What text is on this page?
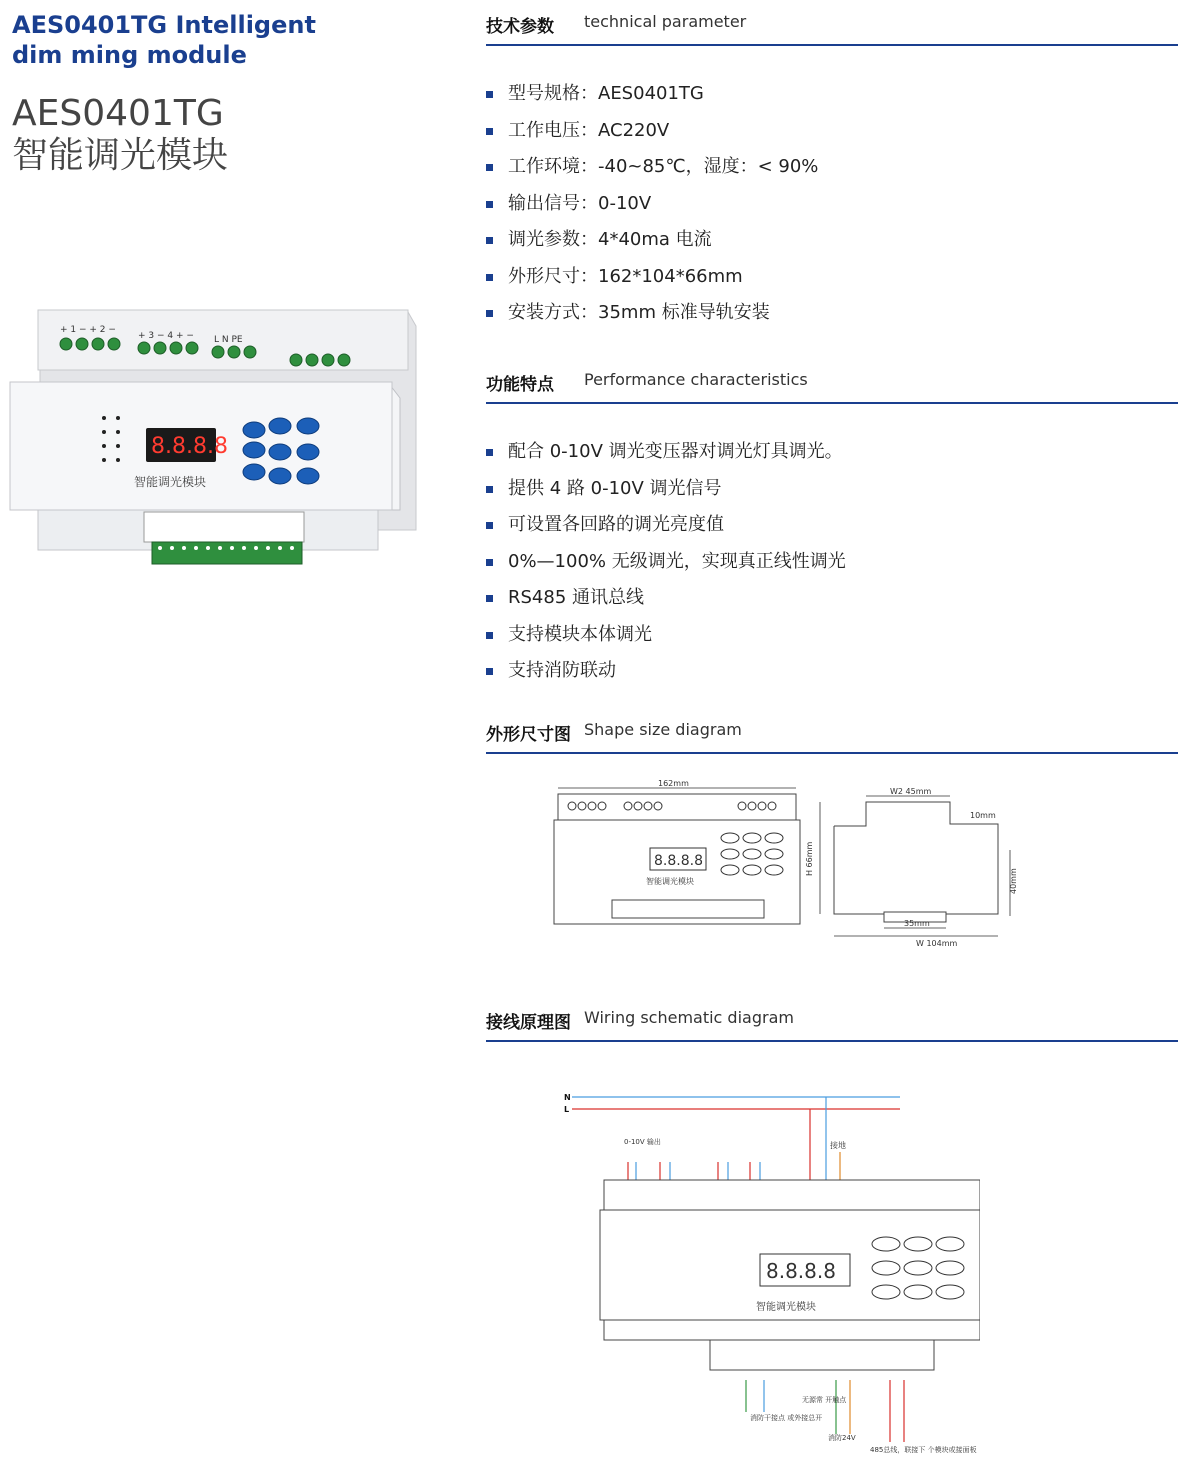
AES0401TG Intelligent dim ming module
AES0401TG
智能调光模块
+ 1 − + 2 −
+ 3 − 4 + − L N PE
8.8.8.8
智能调光模块
技术参数 technical parameter
型号规格：AES0401TG
工作电压：AC220V
工作环境：-40~85℃，湿度：< 90%
输出信号：0-10V
调光参数：4*40ma 电流
外形尺寸：162*104*66mm
安装方式：35mm 标准导轨安装
功能特点 Performance characteristics
配合 0-10V 调光变压器对调光灯具调光。
提供 4 路 0-10V 调光信号
可设置各回路的调光亮度值
0%—100% 无级调光，实现真正线性调光
RS485 通讯总线
支持模块本体调光
支持消防联动
外形尺寸图 Shape size diagram
162mm
8.8.8.8
智能调光模块
H 66mm
W2 45mm
10mm
40mm
35mm
W 104mm
接线原理图 Wiring schematic diagram
N
L
接地
0-10V 输出
8.8.8.8
智能调光模块
消防干接点 或外接总开
无源常 开触点
消防24V
485总线，联接下 个模块或接面板
